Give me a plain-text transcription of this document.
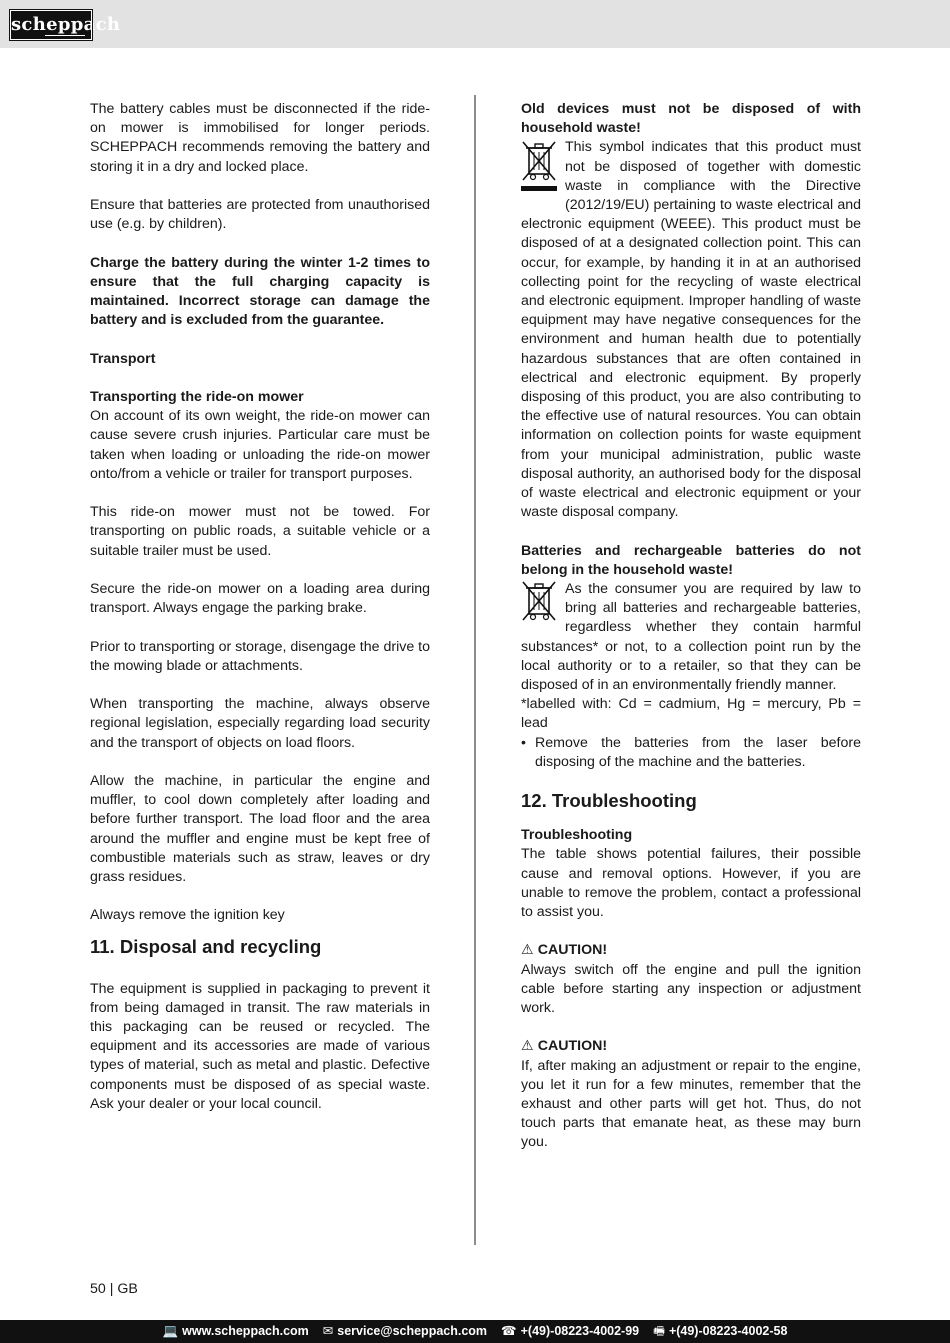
scheppach

The battery cables must be disconnected if the ride-on mower is immobilised for longer periods. SCHEPPACH recommends removing the battery and storing it in a dry and locked place.

Ensure that batteries are protected from unauthorised use (e.g. by children).

Charge the battery during the winter 1-2 times to ensure that the full charging capacity is maintained. Incorrect storage can damage the battery and is excluded from the guarantee.

Transport

Transporting the ride-on mower

On account of its own weight, the ride-on mower can cause severe crush injuries. Particular care must be taken when loading or unloading the ride-on mower onto/from a vehicle or trailer for transport purposes.

This ride-on mower must not be towed. For transporting on public roads, a suitable vehicle or a suitable trailer must be used.

Secure the ride-on mower on a loading area during transport. Always engage the parking brake.

Prior to transporting or storage, disengage the drive to the mowing blade or attachments.

When transporting the machine, always observe regional legislation, especially regarding load security and the transport of objects on load floors.

Allow the machine, in particular the engine and muffler, to cool down completely after loading and before further transport. The load floor and the area around the muffler and engine must be kept free of combustible materials such as straw, leaves or dry grass residues.

Always remove the ignition key

11. Disposal and recycling

The equipment is supplied in packaging to prevent it from being damaged in transit. The raw materials in this packaging can be reused or recycled. The equipment and its accessories are made of various types of material, such as metal and plastic. Defective components must be disposed of as special waste. Ask your dealer or your local council.

Old devices must not be disposed of with household waste!

This symbol indicates that this product must not be disposed of together with domestic waste in compliance with the Directive (2012/19/EU) pertaining to waste electrical and electronic equipment (WEEE). This product must be disposed of at a designated collection point. This can occur, for example, by handing it in at an authorised collecting point for the recycling of waste electrical and electronic equipment. Improper handling of waste equipment may have negative consequences for the environment and human health due to potentially hazardous substances that are often contained in electrical and electronic equipment. By properly disposing of this product, you are also contributing to the effective use of natural resources. You can obtain information on collection points for waste equipment from your municipal administration, public waste disposal authority, an authorised body for the disposal of waste electrical and electronic equipment or your waste disposal company.

Batteries and rechargeable batteries do not belong in the household waste!

As the consumer you are required by law to bring all batteries and rechargeable batteries, regardless whether they contain harmful substances* or not, to a collection point run by the local authority or to a retailer, so that they can be disposed of in an environmentally friendly manner.

*labelled with: Cd = cadmium, Hg = mercury, Pb = lead

• Remove the batteries from the laser before disposing of the machine and the batteries.
12. Troubleshooting

Troubleshooting

The table shows potential failures, their possible cause and removal options. However, if you are unable to remove the problem, contact a professional to assist you.

⚠ CAUTION!

Always switch off the engine and pull the ignition cable before starting any inspection or adjustment work.

⚠ CAUTION!

If, after making an adjustment or repair to the engine, you let it run for a few minutes, remember that the exhaust and other parts will get hot. Thus, do not touch parts that emanate heat, as these may burn you.

50 | GB
💻 www.scheppach.com ✉ service@scheppach.com ☎ +(49)-08223-4002-99 🖷 +(49)-08223-4002-58
